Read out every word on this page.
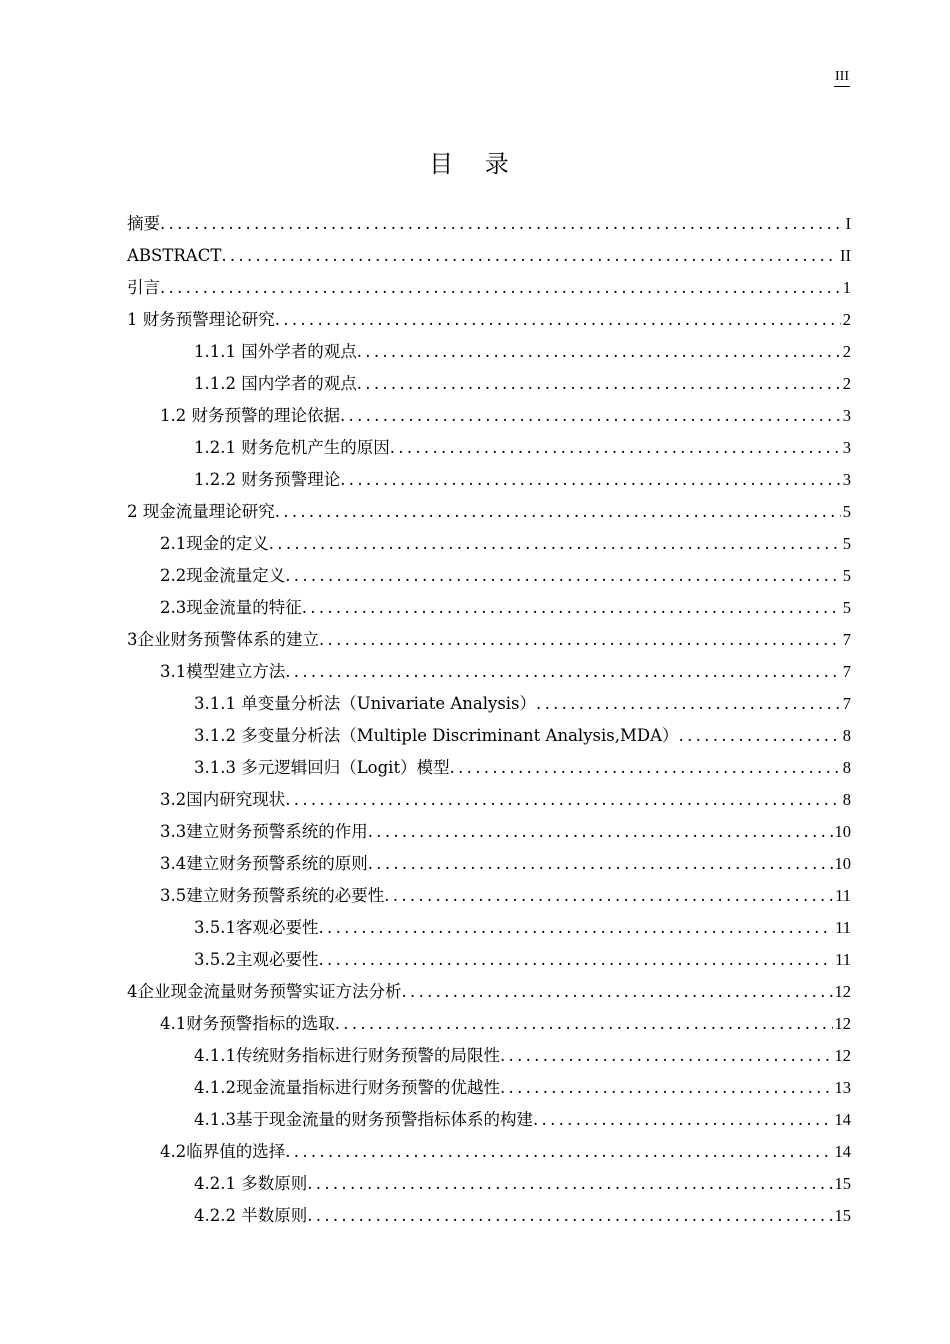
III
目 录
摘要 .....	I
ABSTRACT .....	II
引言 .....	1
1 财务预警理论研究 .....	2
1.1.1 国外学者的观点 .....	2
1.1.2 国内学者的观点 .....	2
1.2 财务预警的理论依据 .....	3
1.2.1 财务危机产生的原因 .....	3
1.2.2 财务预警理论 .....	3
2 现金流量理论研究 .....	5
2.1现金的定义 .....	5
2.2现金流量定义 .....	5
2.3现金流量的特征 .....	5
3企业财务预警体系的建立 .....	7
3.1模型建立方法 .....	7
3.1.1 单变量分析法（Univariate Analysis） .....	7
3.1.2 多变量分析法（Multiple Discriminant Analysis,MDA） .....	8
3.1.3 多元逻辑回归（Logit）模型 .....	8
3.2国内研究现状 .....	8
3.3建立财务预警系统的作用 .....	10
3.4建立财务预警系统的原则 .....	10
3.5建立财务预警系统的必要性 .....	11
3.5.1客观必要性 .....	11
3.5.2主观必要性 .....	11
4企业现金流量财务预警实证方法分析 .....	12
4.1财务预警指标的选取 .....	12
4.1.1传统财务指标进行财务预警的局限性 .....	12
4.1.2现金流量指标进行财务预警的优越性 .....	13
4.1.3基于现金流量的财务预警指标体系的构建 .....	14
4.2临界值的选择 .....	14
4.2.1 多数原则 .....	15
4.2.2 半数原则 .....	15
